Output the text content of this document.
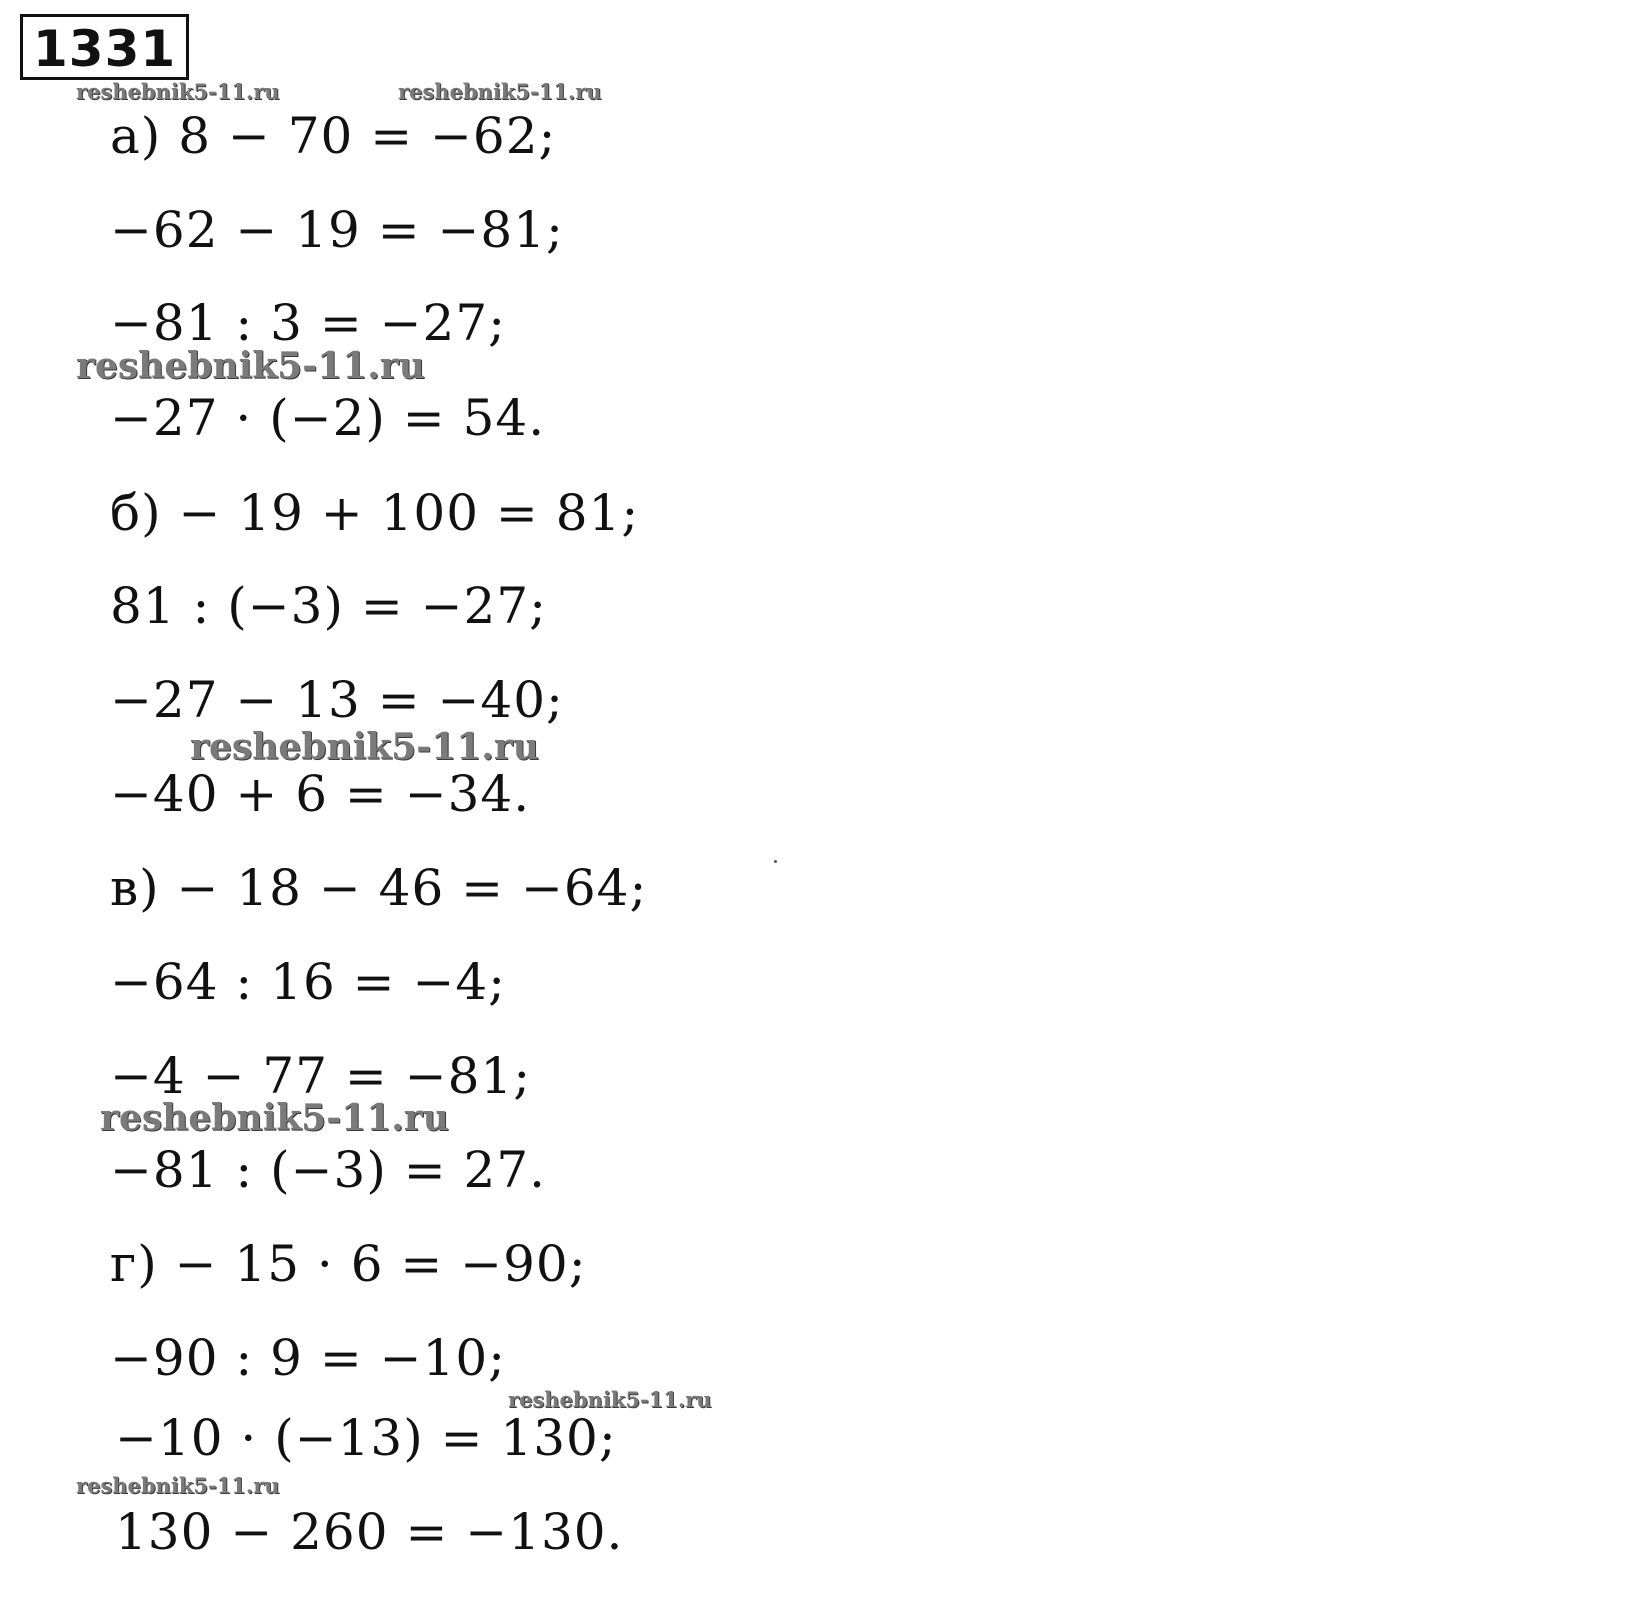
1331
reshebnik5-11.ru	reshebnik5-11.ru
а) 8 − 70 = −62;
−62 − 19 = −81;
−81 : 3 = −27;
reshebnik5-11.ru
−27 · (−2) = 54.
б) − 19 + 100 = 81;
81 : (−3) = −27;
−27 − 13 = −40;
reshebnik5-11.ru
−40 + 6 = −34.
в) − 18 − 46 = −64;
−64 : 16 = −4;
−4 − 77 = −81;
reshebnik5-11.ru
−81 : (−3) = 27.
г) − 15 · 6 = −90;
−90 : 9 = −10;
reshebnik5-11.ru
−10 · (−13) = 130;
reshebnik5-11.ru
130 − 260 = −130.
